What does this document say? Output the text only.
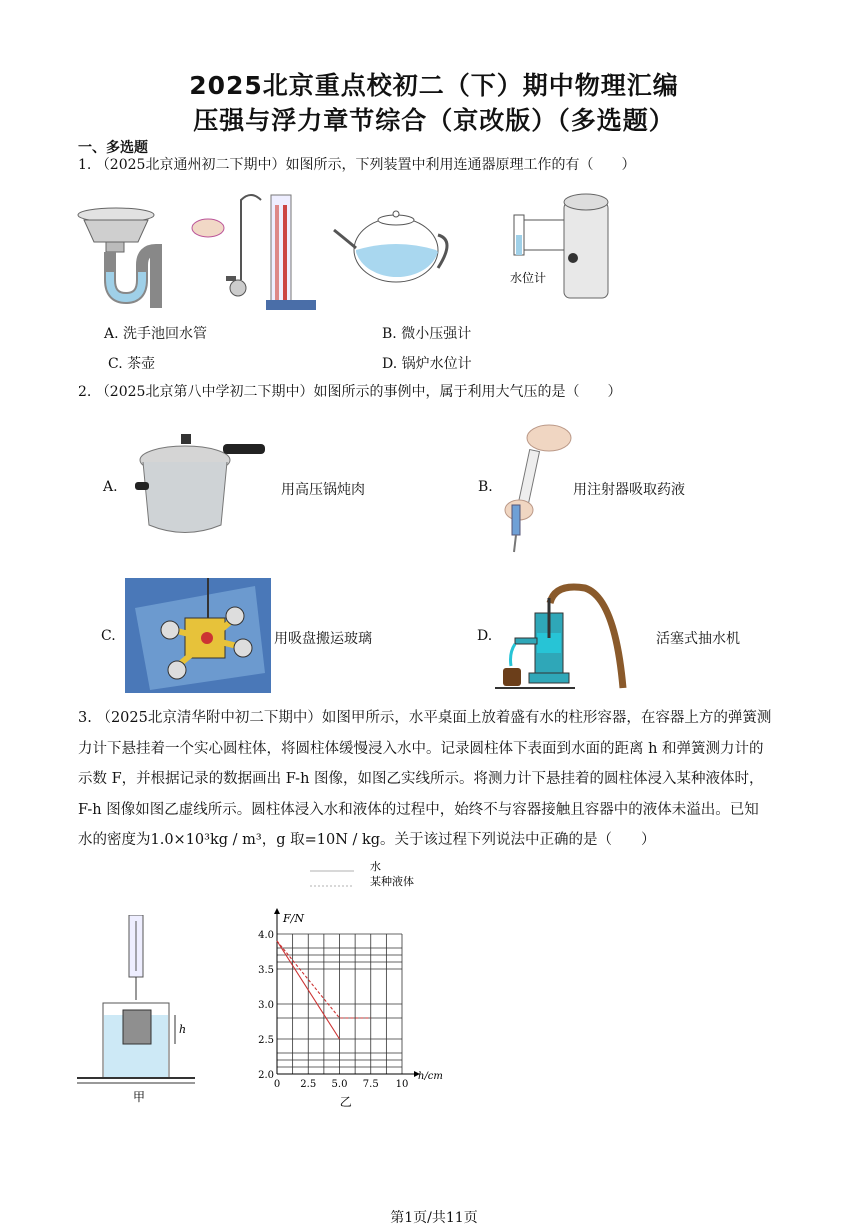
2025北京重点校初二（下）期中物理汇编
压强与浮力章节综合（京改版）（多选题）
一、多选题
1. （2025北京通州初二下期中）如图所示，下列装置中利用连通器原理工作的有（　　）
水位计
A. 洗手池回水管	B. 微小压强计
C. 茶壶	D. 锅炉水位计
2. （2025北京第八中学初二下期中）如图所示的事例中，属于利用大气压的是（　　）
A.	用高压锅炖肉	B.	用注射器吸取药液
C.	用吸盘搬运玻璃	D.	活塞式抽水机
3. （2025北京清华附中初二下期中）如图甲所示，水平桌面上放着盛有水的柱形容器，在容器上方的弹簧测
力计下悬挂着一个实心圆柱体，将圆柱体缓慢浸入水中。记录圆柱体下表面到水面的距离 h 和弹簧测力计的
示数 F，并根据记录的数据画出 F-h 图像，如图乙实线所示。将测力计下悬挂着的圆柱体浸入某种液体时，
F-h 图像如图乙虚线所示。圆柱体浸入水和液体的过程中，始终不与容器接触且容器中的液体未溢出。已知
水的密度为1.0×10³kg / m³，g 取=10N / kg。关于该过程下列说法中正确的是（　　）
h
甲
水
某种液体
F/N
h/cm
2.0
2.5
3.0
3.5
4.0
0 2.5 5.0 7.5 10
乙
第1页/共11页
